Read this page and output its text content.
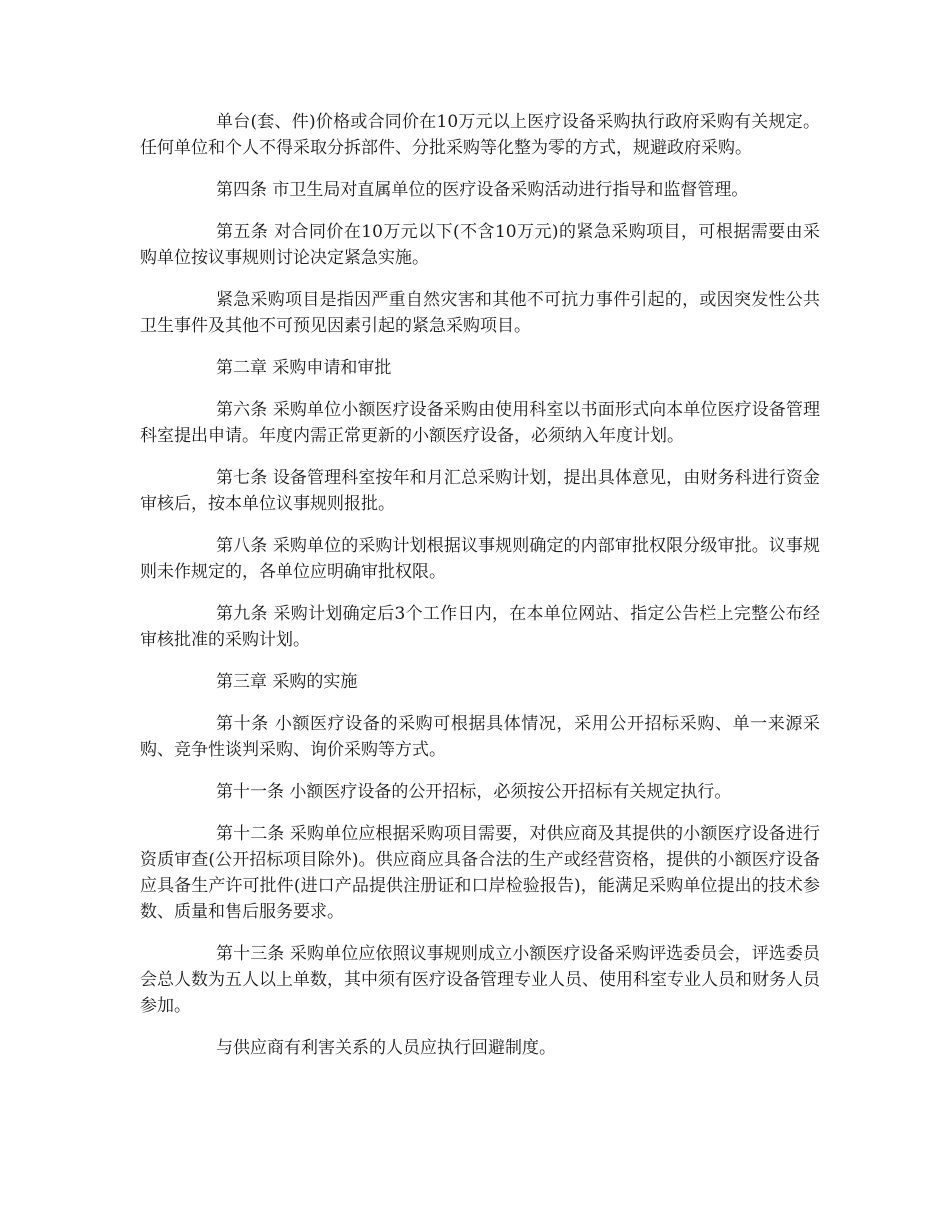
单台(套、件)价格或合同价在10万元以上医疗设备采购执行政府采购有关规定。任何单位和个人不得采取分拆部件、分批采购等化整为零的方式，规避政府采购。

第四条 市卫生局对直属单位的医疗设备采购活动进行指导和监督管理。

第五条 对合同价在10万元以下(不含10万元)的紧急采购项目，可根据需要由采购单位按议事规则讨论决定紧急实施。

紧急采购项目是指因严重自然灾害和其他不可抗力事件引起的，或因突发性公共卫生事件及其他不可预见因素引起的紧急采购项目。

第二章 采购申请和审批

第六条 采购单位小额医疗设备采购由使用科室以书面形式向本单位医疗设备管理科室提出申请。年度内需正常更新的小额医疗设备，必须纳入年度计划。

第七条 设备管理科室按年和月汇总采购计划，提出具体意见，由财务科进行资金审核后，按本单位议事规则报批。

第八条 采购单位的采购计划根据议事规则确定的内部审批权限分级审批。议事规则未作规定的，各单位应明确审批权限。

第九条 采购计划确定后3个工作日内，在本单位网站、指定公告栏上完整公布经审核批准的采购计划。

第三章 采购的实施

第十条 小额医疗设备的采购可根据具体情况，采用公开招标采购、单一来源采购、竞争性谈判采购、询价采购等方式。

第十一条 小额医疗设备的公开招标，必须按公开招标有关规定执行。

第十二条 采购单位应根据采购项目需要，对供应商及其提供的小额医疗设备进行资质审查(公开招标项目除外)。供应商应具备合法的生产或经营资格，提供的小额医疗设备应具备生产许可批件(进口产品提供注册证和口岸检验报告)，能满足采购单位提出的技术参数、质量和售后服务要求。

第十三条 采购单位应依照议事规则成立小额医疗设备采购评选委员会，评选委员会总人数为五人以上单数，其中须有医疗设备管理专业人员、使用科室专业人员和财务人员参加。

与供应商有利害关系的人员应执行回避制度。
